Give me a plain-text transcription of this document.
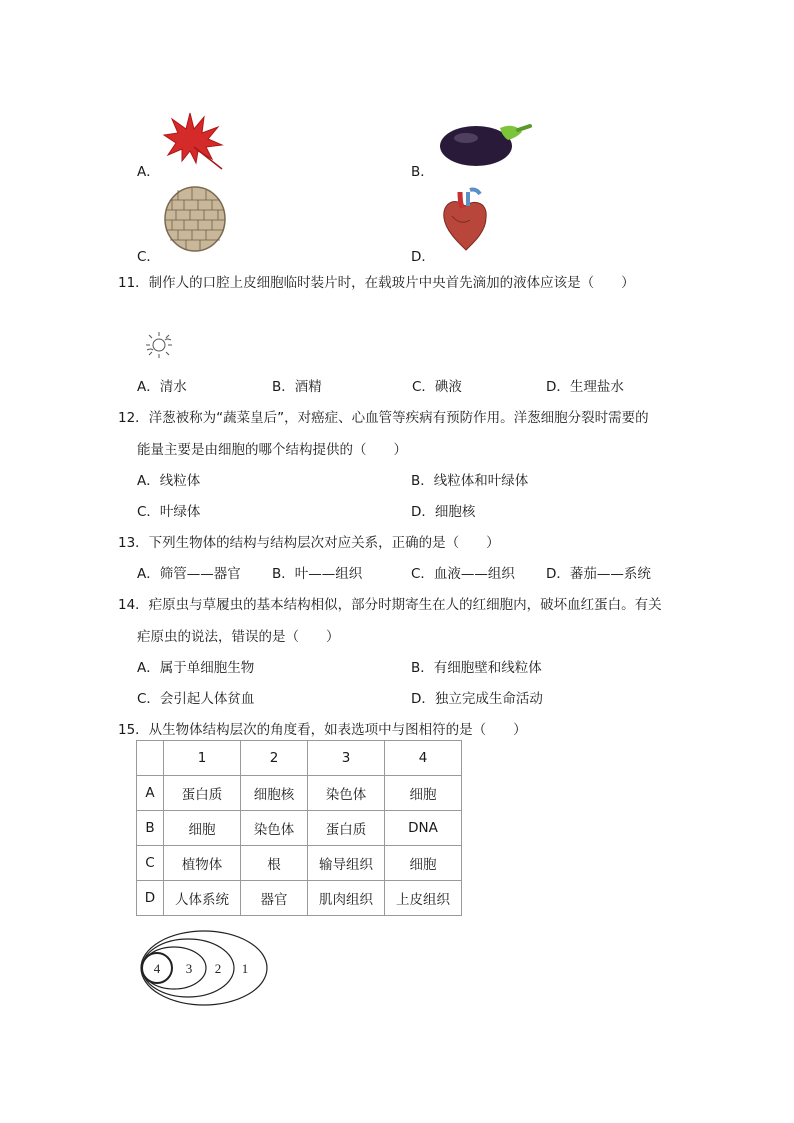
A．	B．
C．	D．
11．制作人的口腔上皮细胞临时装片时，在载玻片中央首先滴加的液体应该是（　　）
A．清水	B．酒精	C．碘液	D．生理盐水
12．洋葱被称为“蔬菜皇后”，对癌症、心血管等疾病有预防作用。洋葱细胞分裂时需要的
能量主要是由细胞的哪个结构提供的（　　）
A．线粒体	B．线粒体和叶绿体
C．叶绿体	D．细胞核
13．下列生物体的结构与结构层次对应关系，正确的是（　　）
A．筛管——器官 B．叶——组织	C．血液——组织 D．蕃茄——系统
14．疟原虫与草履虫的基本结构相似，部分时期寄生在人的红细胞内，破坏血红蛋白。有关
疟原虫的说法，错误的是（　　）
A．属于单细胞生物	B．有细胞壁和线粒体
C．会引起人体贫血	D．独立完成生命活动
15．从生物体结构层次的角度看，如表选项中与图相符的是（　　）
	1	2	3	4
A	蛋白质	细胞核	染色体	细胞
B	细胞	染色体	蛋白质	DNA
C	植物体	根	输导组织	细胞
D	人体系统	器官	肌肉组织	上皮组织
4 3 2 1
